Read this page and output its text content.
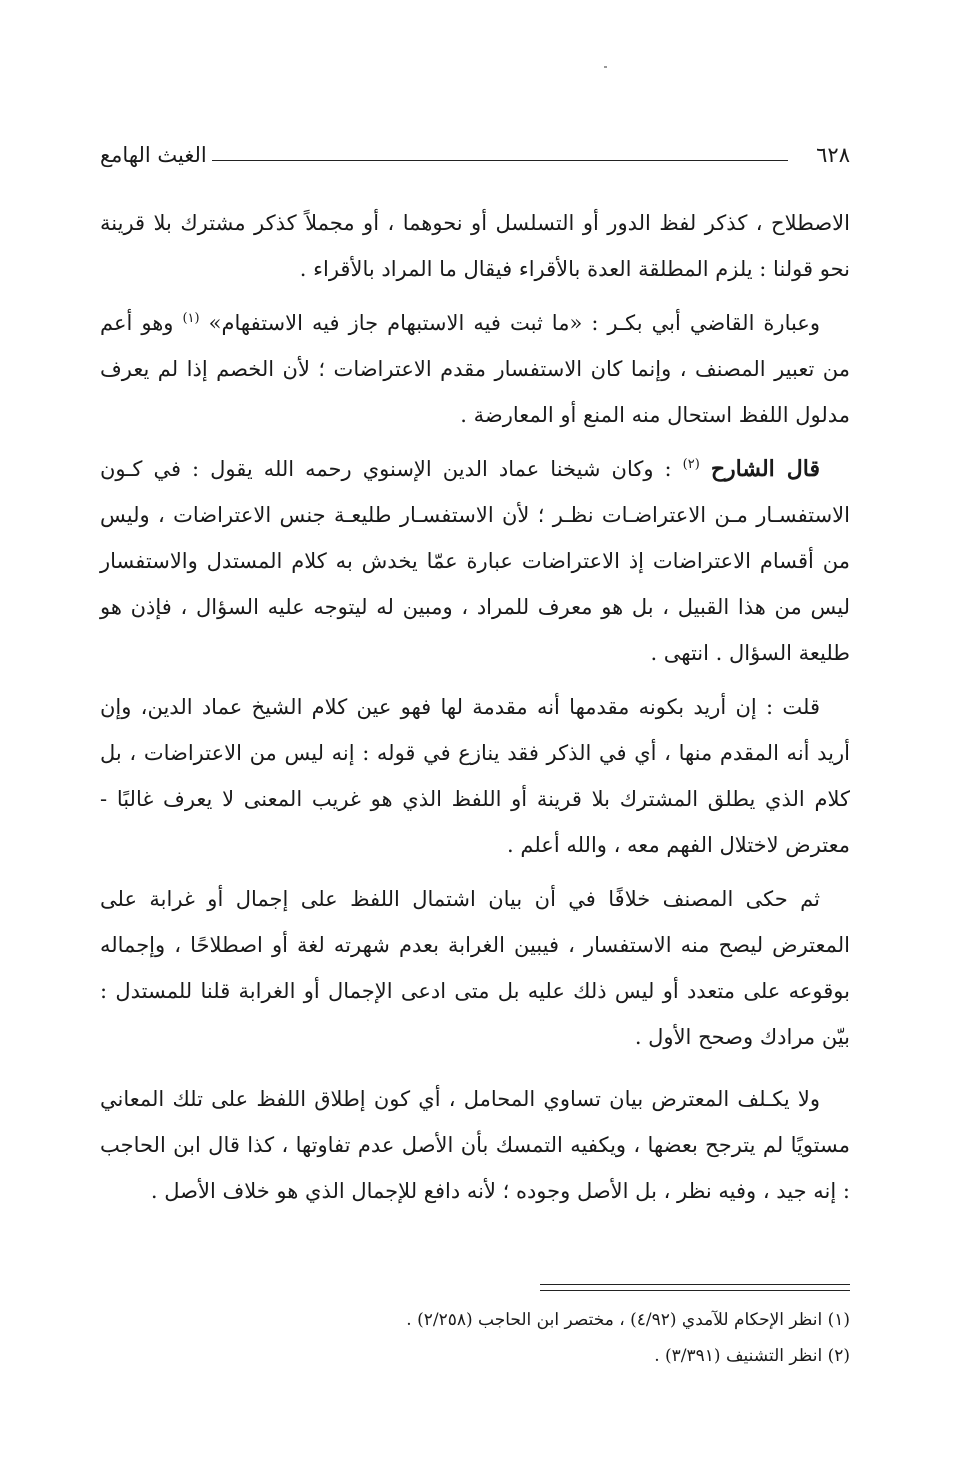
٦٢٨
الغيث الهامع

الاصطلاح ، كذكر لفظ الدور أو التسلسل أو نحوهما ، أو مجملاً كذكر مشترك بلا قرينة نحو قولنا : يلزم المطلقة العدة بالأقراء فيقال ما المراد بالأقراء .

وعبارة القاضي أبي بكـر : «ما ثبت فيه الاستبهام جاز فيه الاستفهام» $^{(١)}$ وهو أعم من تعبير المصنف ، وإنما كان الاستفسار مقدم الاعتراضات ؛ لأن الخصم إذا لم يعرف مدلول اللفظ استحال منه المنع أو المعارضة .

قال الشارح $^{(٢)}$ : وكان شيخنا عماد الدين الإسنوي رحمه الله يقول : في كـون الاستفسـار مـن الاعتراضـات نظـر ؛ لأن الاستفسـار طليعـة جنس الاعتراضات ، وليس من أقسام الاعتراضات إذ الاعتراضات عبارة عمّا يخدش به كلام المستدل والاستفسار ليس من هذا القبيل ، بل هو معرف للمراد ، ومبين له ليتوجه عليه السؤال ، فإذن هو طليعة السؤال . انتهى .

قلت : إن أريد بكونه مقدمها أنه مقدمة لها فهو عين كلام الشيخ عماد الدين، وإن أريد أنه المقدم منها ، أي في الذكر فقد ينازع في قوله : إنه ليس من الاعتراضات ، بل كلام الذي يطلق المشترك بلا قرينة أو اللفظ الذي هو غريب المعنى لا يعرف غالبًا - معترض لاختلال الفهم معه ، والله أعلم .

ثم حكى المصنف خلافًا في أن بيان اشتمال اللفظ على إجمال أو غرابة على المعترض ليصح منه الاستفسار ، فيبين الغرابة بعدم شهرته لغة أو اصطلاحًا ، وإجماله بوقوعه على متعدد أو ليس ذلك عليه بل متى ادعى الإجمال أو الغرابة قلنا للمستدل : بيّن مرادك وصحح الأول .

ولا يكـلف المعترض بيان تساوي المحامل ، أي كون إطلاق اللفظ على تلك المعاني مستويًا لم يترجح بعضها ، ويكفيه التمسك بأن الأصل عدم تفاوتها ، كذا قال ابن الحاجب : إنه جيد ، وفيه نظر ، بل الأصل وجوده ؛ لأنه دافع للإجمال الذي هو خلاف الأصل .

(١) انظر الإحكام للآمدي (٤/٩٢) ، مختصر ابن الحاجب (٢/٢٥٨) .

(٢) انظر التشنيف (٣/٣٩١) .
